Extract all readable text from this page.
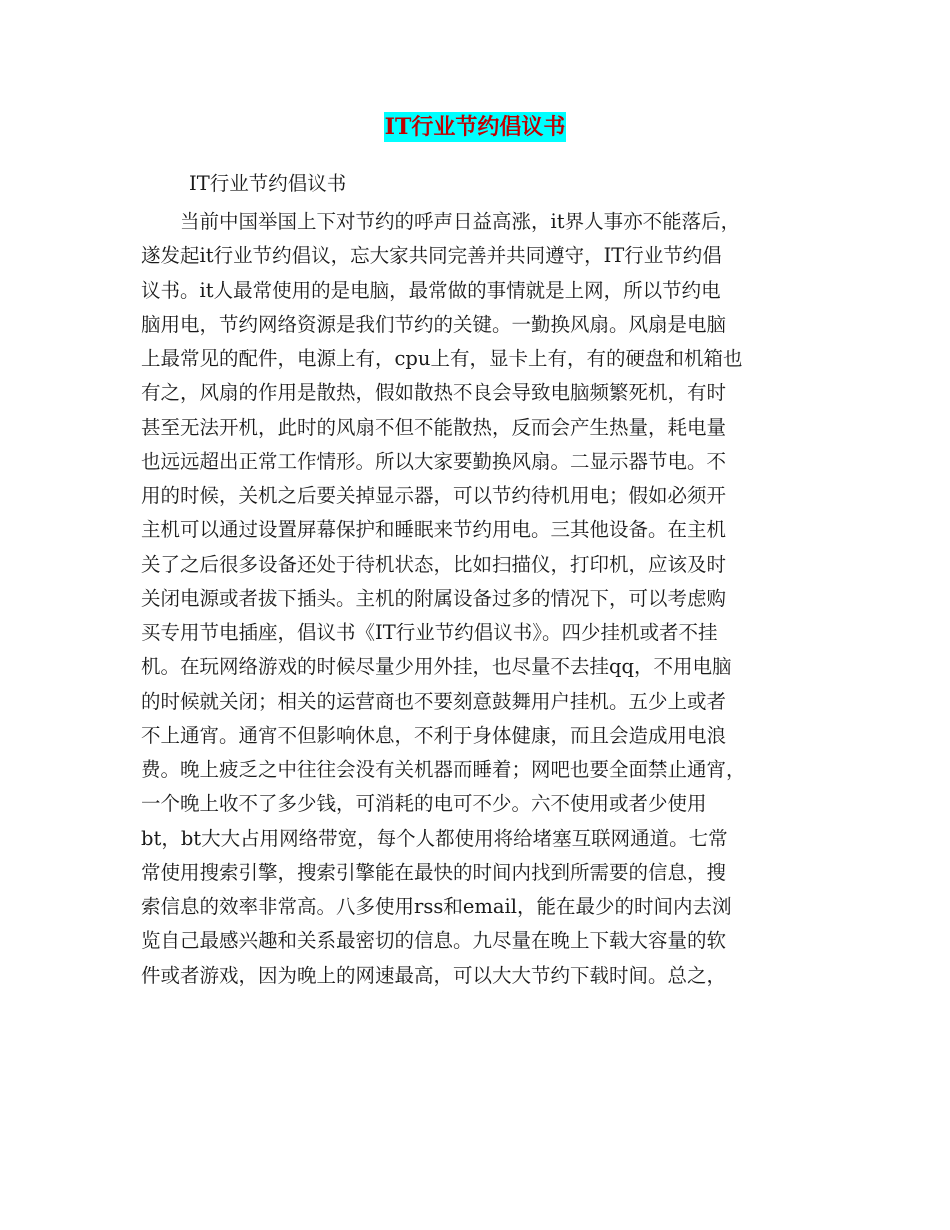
IT行业节约倡议书
IT行业节约倡议书
　　当前中国举国上下对节约的呼声日益高涨，it界人事亦不能落后，
遂发起it行业节约倡议，忘大家共同完善并共同遵守，IT行业节约倡
议书。it人最常使用的是电脑，最常做的事情就是上网，所以节约电
脑用电，节约网络资源是我们节约的关键。一勤换风扇。风扇是电脑
上最常见的配件，电源上有，cpu上有，显卡上有，有的硬盘和机箱也
有之，风扇的作用是散热，假如散热不良会导致电脑频繁死机，有时
甚至无法开机，此时的风扇不但不能散热，反而会产生热量，耗电量
也远远超出正常工作情形。所以大家要勤换风扇。二显示器节电。不
用的时候，关机之后要关掉显示器，可以节约待机用电；假如必须开
主机可以通过设置屏幕保护和睡眠来节约用电。三其他设备。在主机
关了之后很多设备还处于待机状态，比如扫描仪，打印机，应该及时
关闭电源或者拔下插头。主机的附属设备过多的情况下，可以考虑购
买专用节电插座，倡议书《IT行业节约倡议书》。四少挂机或者不挂
机。在玩网络游戏的时候尽量少用外挂，也尽量不去挂qq，不用电脑
的时候就关闭；相关的运营商也不要刻意鼓舞用户挂机。五少上或者
不上通宵。通宵不但影响休息，不利于身体健康，而且会造成用电浪
费。晚上疲乏之中往往会没有关机器而睡着；网吧也要全面禁止通宵，
一个晚上收不了多少钱，可消耗的电可不少。六不使用或者少使用
bt，bt大大占用网络带宽，每个人都使用将给堵塞互联网通道。七常
常使用搜索引擎，搜索引擎能在最快的时间内找到所需要的信息，搜
索信息的效率非常高。八多使用rss和email，能在最少的时间内去浏
览自己最感兴趣和关系最密切的信息。九尽量在晚上下载大容量的软
件或者游戏，因为晚上的网速最高，可以大大节约下载时间。总之，
